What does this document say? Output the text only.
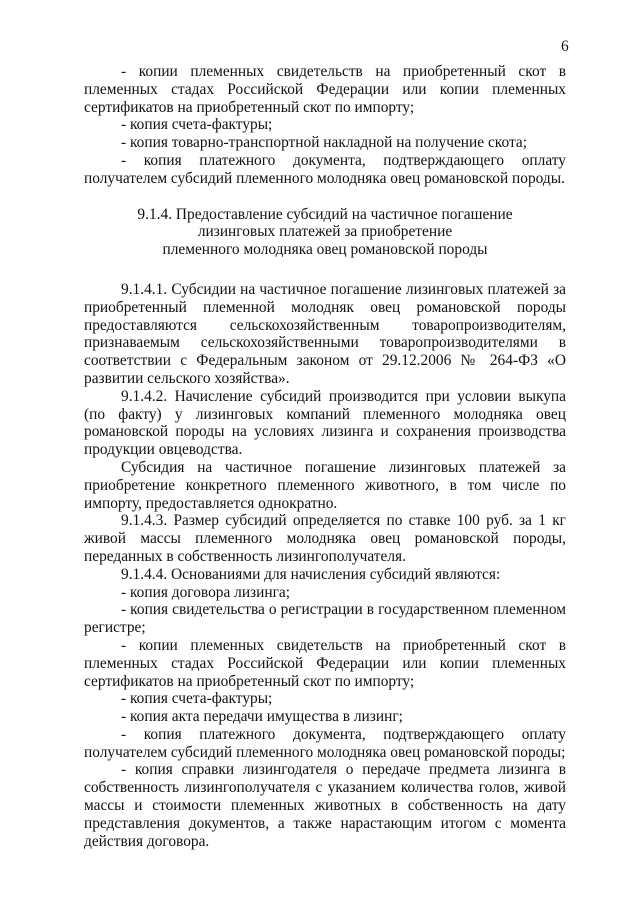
6

- копии племенных свидетельств на приобретенный скот в племенных стадах Российской Федерации или копии племенных сертификатов на приобретенный скот по импорту;

- копия счета-фактуры;

- копия товарно-транспортной накладной на получение скота;

- копия платежного документа, подтверждающего оплату получателем субсидий племенного молодняка овец романовской породы.

9.1.4. Предоставление субсидий на частичное погашение
лизинговых платежей за приобретение
племенного молодняка овец романовской породы

9.1.4.1. Субсидии на частичное погашение лизинговых платежей за приобретенный племенной молодняк овец романовской породы предоставляются сельскохозяйственным товаропроизводителям, признаваемым сельскохозяйственными товаропроизводителями в соответствии с Федеральным законом от 29.12.2006 № 264-ФЗ «О развитии сельского хозяйства».

9.1.4.2. Начисление субсидий производится при условии выкупа (по факту) у лизинговых компаний племенного молодняка овец романовской породы на условиях лизинга и сохранения производства продукции овцеводства.

Субсидия на частичное погашение лизинговых платежей за приобретение конкретного племенного животного, в том числе по импорту, предоставляется однократно.

9.1.4.3. Размер субсидий определяется по ставке 100 руб. за 1 кг живой массы племенного молодняка овец романовской породы, переданных в собственность лизингополучателя.

9.1.4.4. Основаниями для начисления субсидий являются:

- копия договора лизинга;

- копия свидетельства о регистрации в государственном племенном регистре;

- копии племенных свидетельств на приобретенный скот в племенных стадах Российской Федерации или копии племенных сертификатов на приобретенный скот по импорту;

- копия счета-фактуры;

- копия акта передачи имущества в лизинг;

- копия платежного документа, подтверждающего оплату получателем субсидий племенного молодняка овец романовской породы;

- копия справки лизингодателя о передаче предмета лизинга в собственность лизингополучателя с указанием количества голов, живой массы и стоимости племенных животных в собственность на дату представления документов, а также нарастающим итогом с момента действия договора.
